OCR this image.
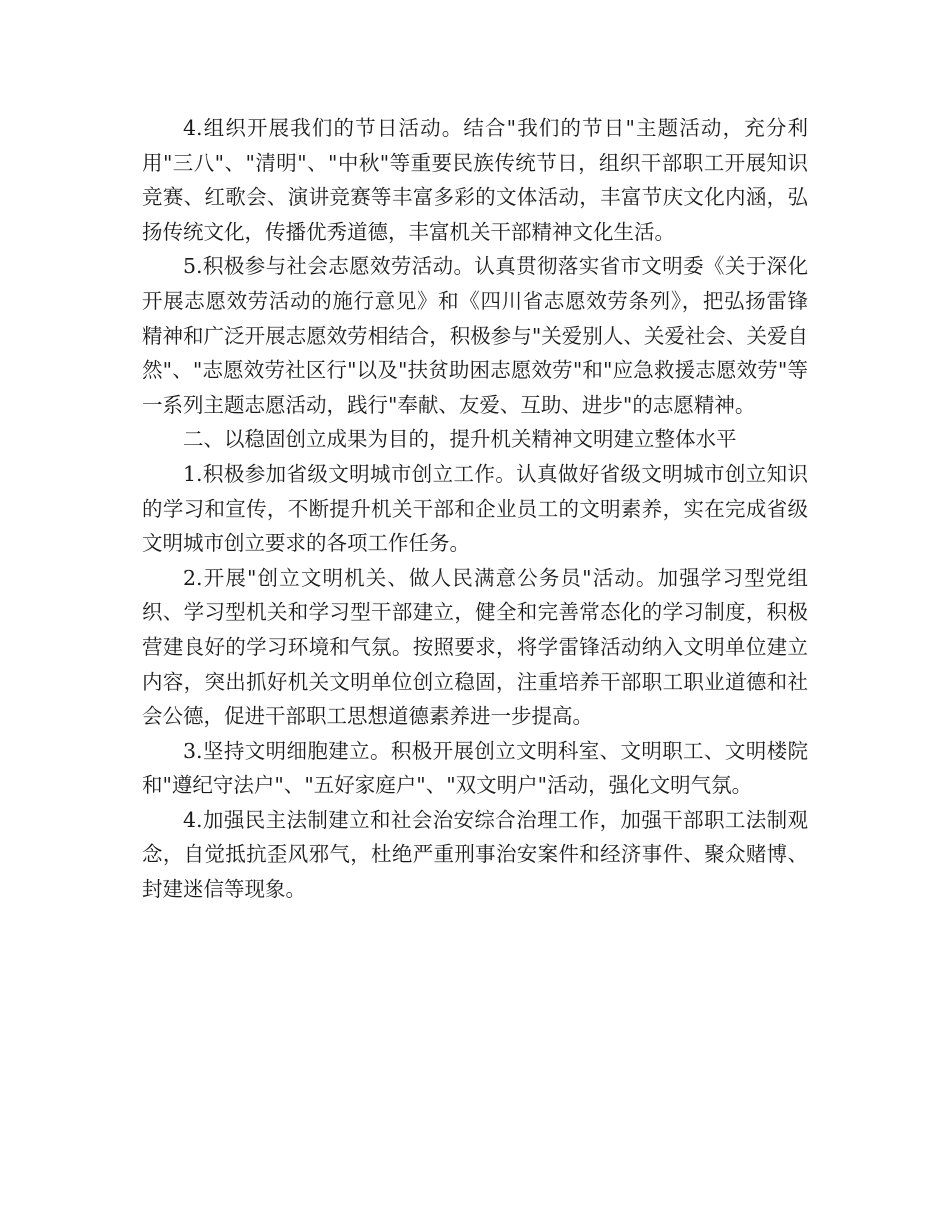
4.组织开展我们的节日活动。结合"我们的节日"主题活动，充分利用"三八"、"清明"、"中秋"等重要民族传统节日，组织干部职工开展知识竞赛、红歌会、演讲竞赛等丰富多彩的文体活动，丰富节庆文化内涵，弘扬传统文化，传播优秀道德，丰富机关干部精神文化生活。

5.积极参与社会志愿效劳活动。认真贯彻落实省市文明委《关于深化开展志愿效劳活动的施行意见》和《四川省志愿效劳条列》，把弘扬雷锋精神和广泛开展志愿效劳相结合，积极参与"关爱别人、关爱社会、关爱自然"、"志愿效劳社区行"以及"扶贫助困志愿效劳"和"应急救援志愿效劳"等一系列主题志愿活动，践行"奉献、友爱、互助、进步"的志愿精神。

二、以稳固创立成果为目的，提升机关精神文明建立整体水平

1.积极参加省级文明城市创立工作。认真做好省级文明城市创立知识的学习和宣传，不断提升机关干部和企业员工的文明素养，实在完成省级文明城市创立要求的各项工作任务。

2.开展"创立文明机关、做人民满意公务员"活动。加强学习型党组织、学习型机关和学习型干部建立，健全和完善常态化的学习制度，积极营建良好的学习环境和气氛。按照要求，将学雷锋活动纳入文明单位建立内容，突出抓好机关文明单位创立稳固，注重培养干部职工职业道德和社会公德，促进干部职工思想道德素养进一步提高。

3.坚持文明细胞建立。积极开展创立文明科室、文明职工、文明楼院和"遵纪守法户"、"五好家庭户"、"双文明户"活动，强化文明气氛。

4.加强民主法制建立和社会治安综合治理工作，加强干部职工法制观念，自觉抵抗歪风邪气，杜绝严重刑事治安案件和经济事件、聚众赌博、封建迷信等现象。
